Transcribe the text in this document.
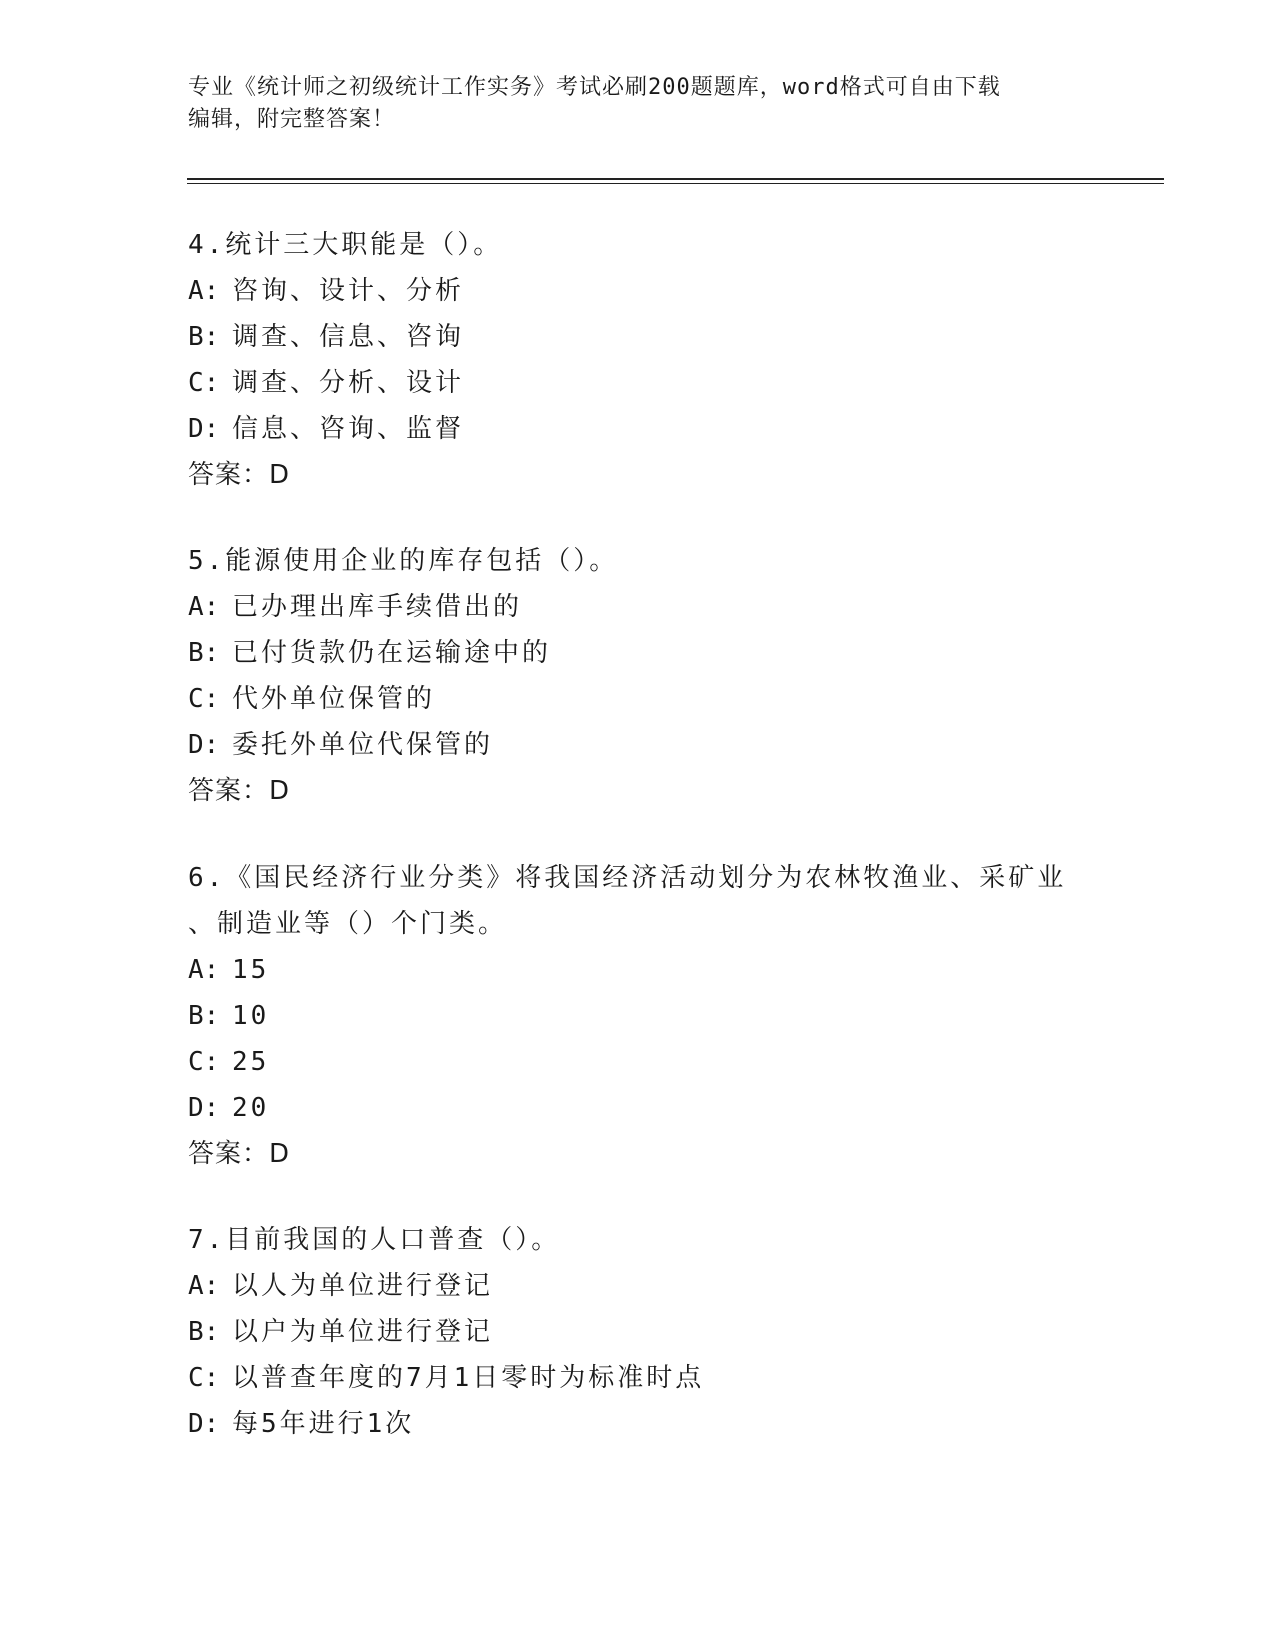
专业《统计师之初级统计工作实务》考试必刷200题题库，word格式可自由下载
编辑，附完整答案！
4.统计三大职能是（）。
A: 咨询、设计、分析
B: 调查、信息、咨询
C: 调查、分析、设计
D: 信息、咨询、监督
答案：D
5.能源使用企业的库存包括（）。
A: 已办理出库手续借出的
B: 已付货款仍在运输途中的
C: 代外单位保管的
D: 委托外单位代保管的
答案：D
6.《国民经济行业分类》将我国经济活动划分为农林牧渔业、采矿业
、制造业等（）个门类。
A: 15
B: 10
C: 25
D: 20
答案：D
7.目前我国的人口普查（）。
A: 以人为单位进行登记
B: 以户为单位进行登记
C: 以普查年度的7月1日零时为标准时点
D: 每5年进行1次
